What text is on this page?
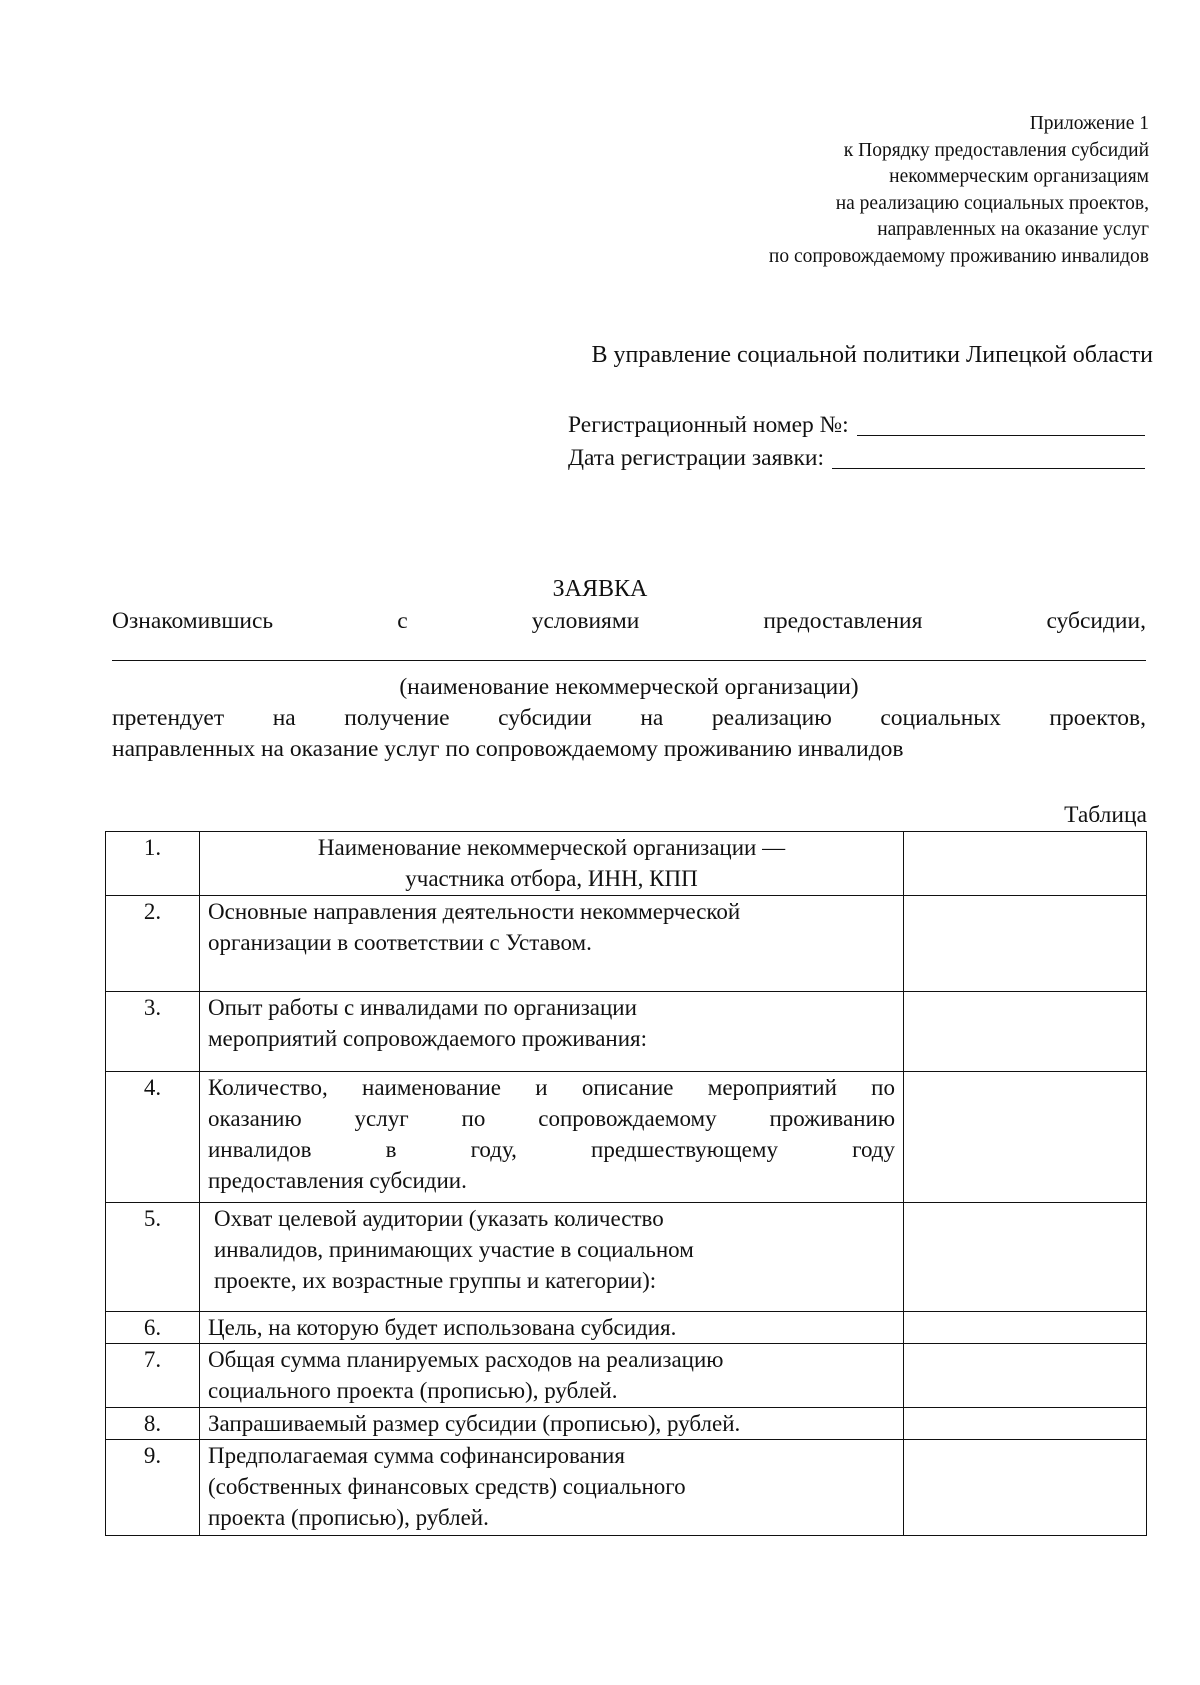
Приложение 1
к Порядку предоставления субсидий
некоммерческим организациям
на реализацию социальных проектов,
направленных на оказание услуг
по сопровождаемому проживанию инвалидов
В управление социальной политики Липецкой области
Регистрационный номер №:
Дата регистрации заявки:
ЗАЯВКА
Ознакомившись	с	условиями	предоставления	субсидии,
(наименование некоммерческой организации)
претендует на получение субсидии на реализацию социальных проектов,
направленных на оказание услуг по сопровождаемому проживанию инвалидов
Таблица
1.	Наименование некоммерческой организации —
участника отбора, ИНН, КПП	

2.	Основные направления деятельности некоммерческой
организации в соответствии с Уставом.	

3.	Опыт работы с инвалидами по организации
мероприятий сопровождаемого проживания:	

4.	Количество, наименование и описание мероприятий по
оказанию услуг по сопровождаемому проживанию
инвалидов в году, предшествующему году
предоставления субсидии.	

5.	Охват целевой аудитории (указать количество
инвалидов, принимающих участие в социальном
проекте, их возрастные группы и категории):	

6.	Цель, на которую будет использована субсидия.	

7.	Общая сумма планируемых расходов на реализацию
социального проекта (прописью), рублей.	

8.	Запрашиваемый размер субсидии (прописью), рублей.	

9.	Предполагаемая сумма софинансирования
(собственных финансовых средств) социального
проекта (прописью), рублей.	
